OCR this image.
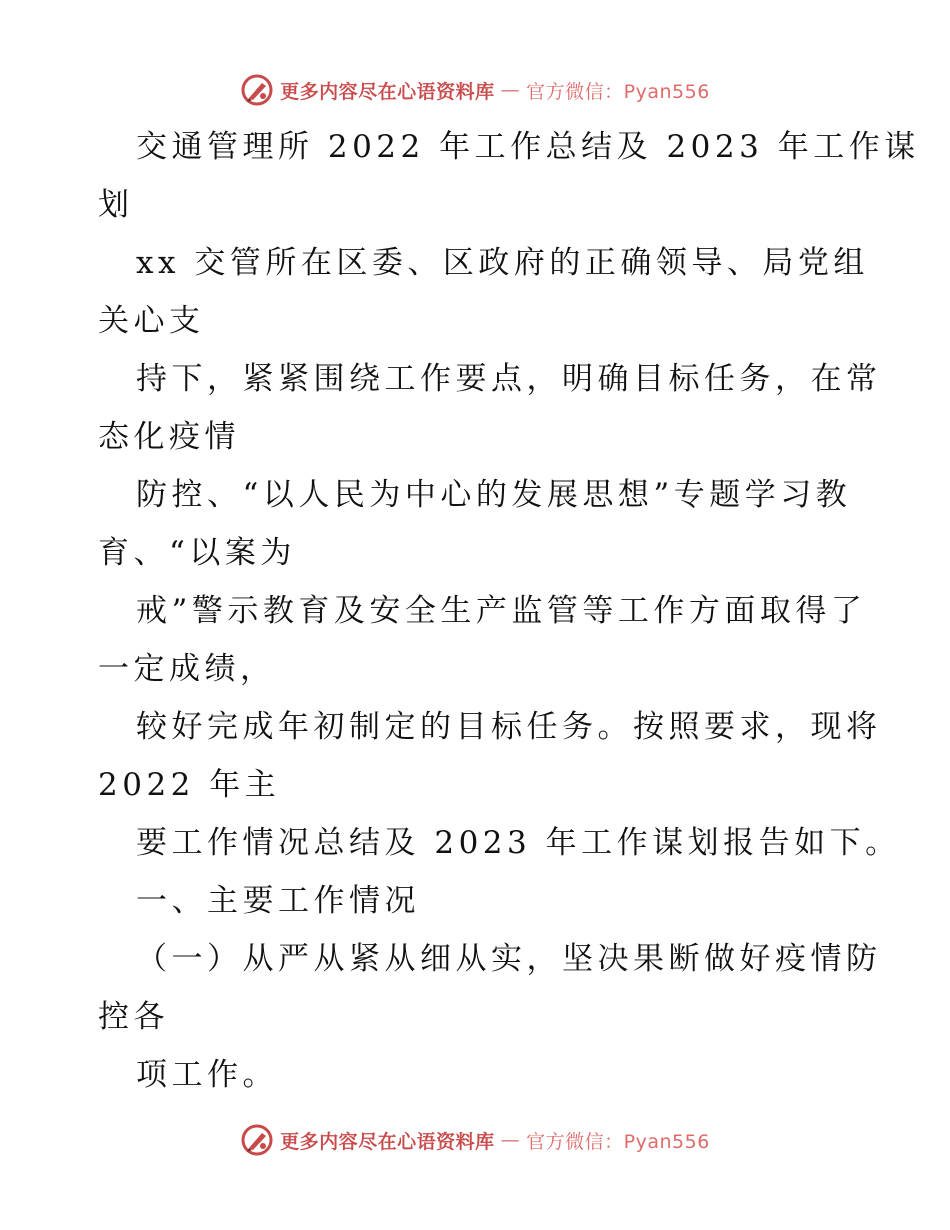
更多内容尽在心语资料库 — 官方微信：Pyan556
交通管理所 2022 年工作总结及 2023 年工作谋
划
xx 交管所在区委、区政府的正确领导、局党组
关心支
持下，紧紧围绕工作要点，明确目标任务，在常
态化疫情
防控、“以人民为中心的发展思想”专题学习教
育、“以案为
戒”警示教育及安全生产监管等工作方面取得了
一定成绩，
较好完成年初制定的目标任务。按照要求，现将
2022 年主
要工作情况总结及 2023 年工作谋划报告如下。
一、主要工作情况
（一）从严从紧从细从实，坚决果断做好疫情防
控各
项工作。
更多内容尽在心语资料库 — 官方微信：Pyan556
